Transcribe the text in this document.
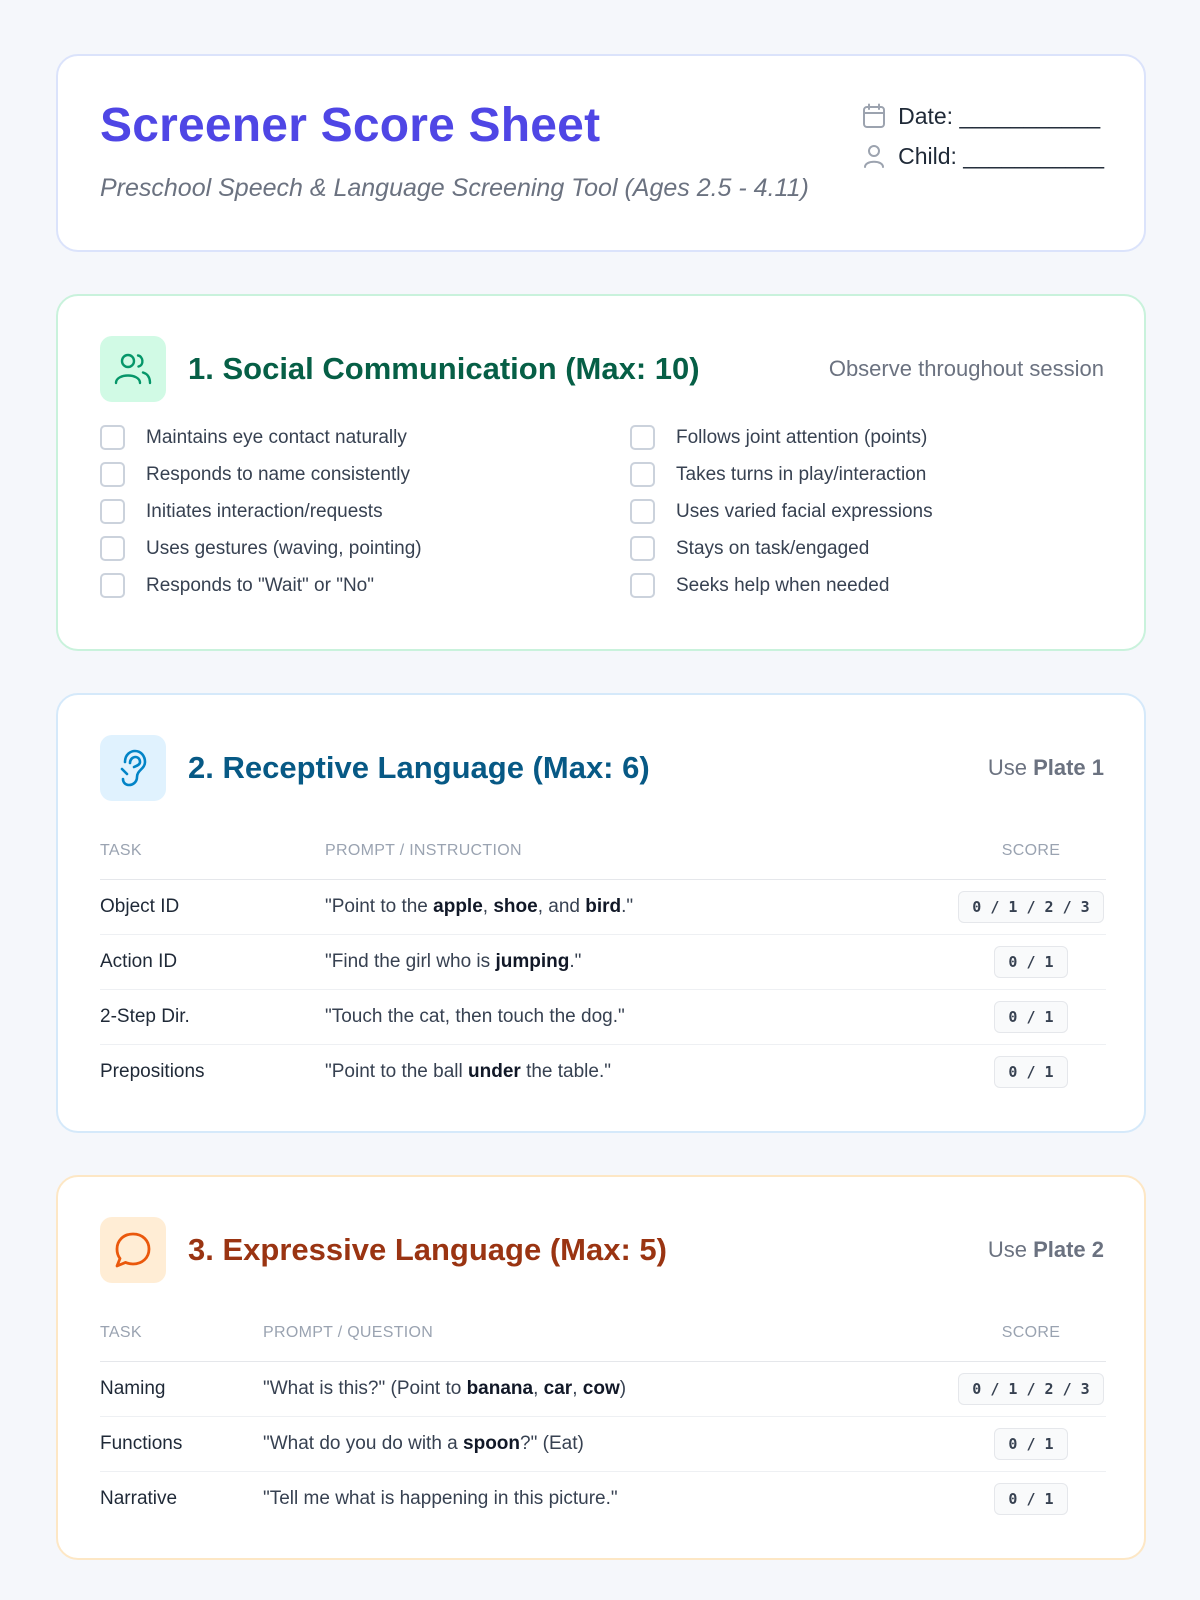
Screener Score Sheet
Preschool Speech & Language Screening Tool (Ages 2.5 - 4.11)
Date: ___________
Child: ___________
1. Social Communication (Max: 10)	Observe throughout session
Maintains eye contact naturally	Follows joint attention (points)
Responds to name consistently	Takes turns in play/interaction
Initiates interaction/requests	Uses varied facial expressions
Uses gestures (waving, pointing)	Stays on task/engaged
Responds to "Wait" or "No"	Seeks help when needed
2. Receptive Language (Max: 6)	Use Plate 1
TASK	PROMPT / INSTRUCTION	SCORE
Object ID	"Point to the apple, shoe, and bird."	0 / 1 / 2 / 3
Action ID	"Find the girl who is jumping."	0 / 1
2-Step Dir.	"Touch the cat, then touch the dog."	0 / 1
Prepositions	"Point to the ball under the table."	0 / 1
3. Expressive Language (Max: 5)	Use Plate 2
TASK	PROMPT / QUESTION	SCORE
Naming	"What is this?" (Point to banana, car, cow)	0 / 1 / 2 / 3
Functions	"What do you do with a spoon?" (Eat)	0 / 1
Narrative	"Tell me what is happening in this picture."	0 / 1
